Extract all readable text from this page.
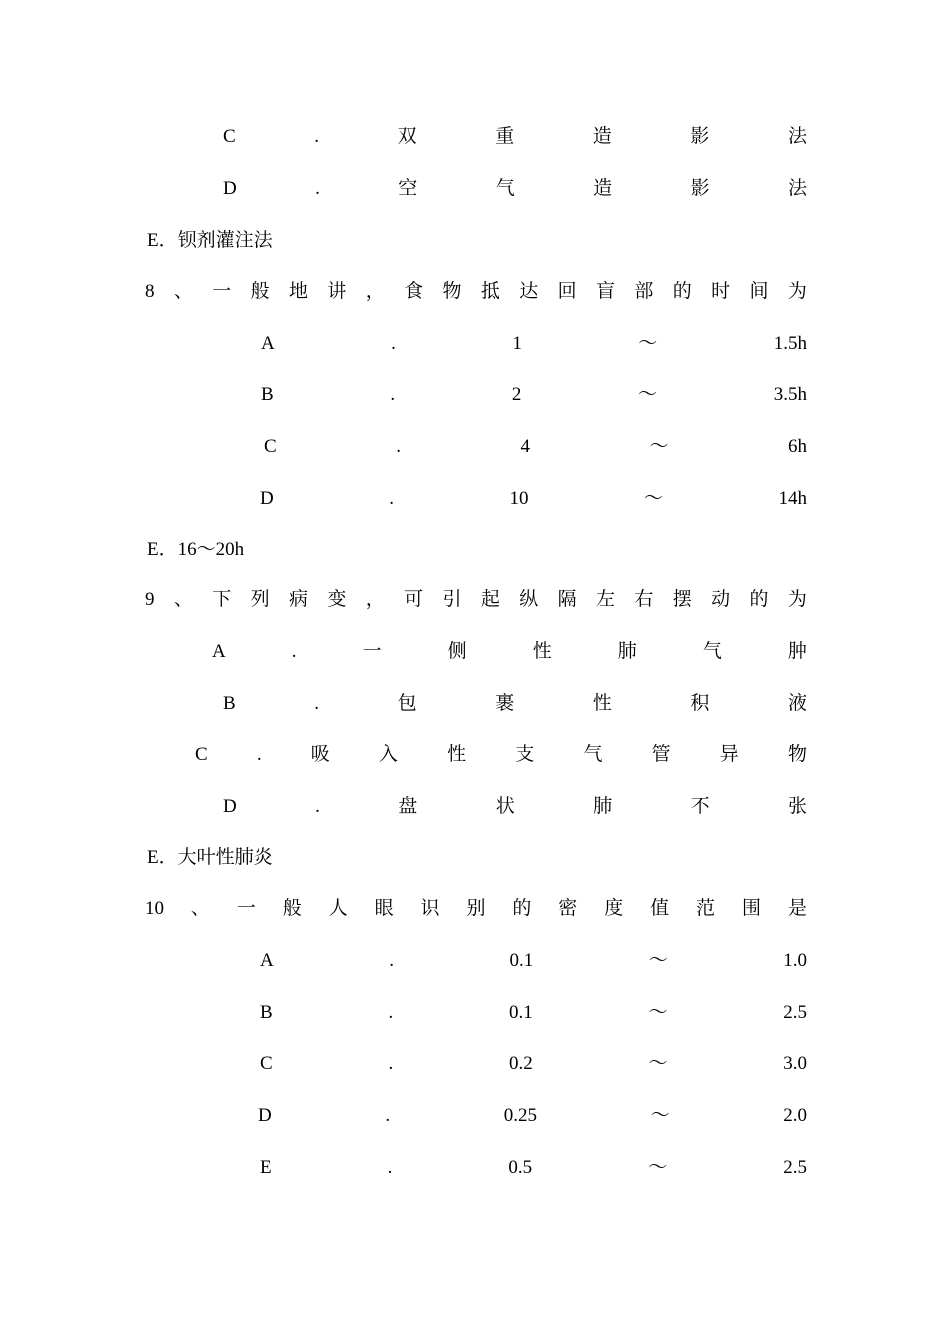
C	.	双	重	造	影	法
D	.	空	气	造	影	法
E．钡剂灌注法
8 、 一 般 地 讲 ， 食 物 抵 达 回 盲 部 的 时 间 为
A	.	1	～	1.5h
B	.	2	～	3.5h
C	.	4	～	6h
D	.	10	～	14h
E．16～20h
9 、 下 列 病 变 ， 可 引 起 纵 隔 左 右 摆 动 的 为
A	.	一	侧	性	肺	气	肿
B	.	包	裹	性	积	液
C	.	吸	入	性	支	气	管	异	物
D	.	盘	状	肺	不	张
E．大叶性肺炎
10 、 一 般 人 眼 识 别 的 密 度 值 范 围 是
A	.	0.1	～	1.0
B	.	0.1	～	2.5
C	.	0.2	～	3.0
D	.	0.25	～	2.0
E	.	0.5	～	2.5
